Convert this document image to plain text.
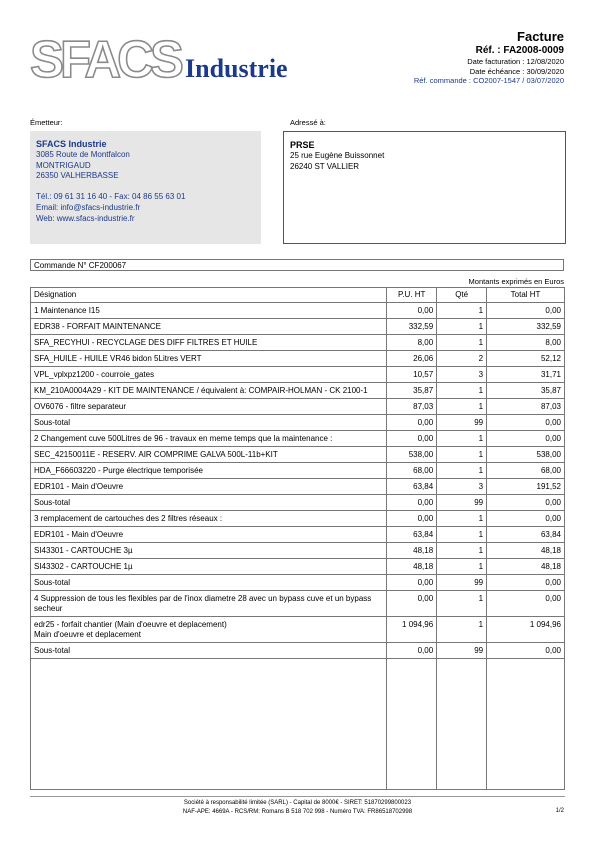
SFACS Industrie
Facture
Réf. : FA2008-0009
Date facturation : 12/08/2020
Date échéance : 30/09/2020
Réf. commande : CO2007-1547 / 03/07/2020
Émetteur:	Adressé à:
SFACS Industrie
3085 Route de Montfalcon
MONTRIGAUD
26350 VALHERBASSE
Tél.: 09 61 31 16 40 - Fax: 04 86 55 63 01
Email: info@sfacs-industrie.fr
Web: www.sfacs-industrie.fr
PRSE
25 rue Eugène Buissonnet
26240 ST VALLIER
Commande N° CF200067
Montants exprimés en Euros
Désignation	P.U. HT	Qté	Total HT
1 Maintenance I15	0,00	1	0,00
EDR38 - FORFAIT MAINTENANCE	332,59	1	332,59
SFA_RECYHUI - RECYCLAGE DES DIFF FILTRES ET HUILE	8,00	1	8,00
SFA_HUILE - HUILE VR46 bidon 5Litres VERT	26,06	2	52,12
VPL_vplxpz1200 - courroie_gates	10,57	3	31,71
KM_210A0004A29 - KIT DE MAINTENANCE / équivalent à: COMPAIR-HOLMAN - CK 2100-1	35,87	1	35,87
OV6076 - filtre separateur	87,03	1	87,03
Sous-total	0,00	99	0,00
2 Changement cuve 500Litres de 96 - travaux en meme temps que la maintenance :	0,00	1	0,00
SEC_42150011E - RESERV. AIR COMPRIME GALVA 500L-11b+KIT	538,00	1	538,00
HDA_F66603220 - Purge électrique temporisée	68,00	1	68,00
EDR101 - Main d'Oeuvre	63,84	3	191,52
Sous-total	0,00	99	0,00
3 remplacement de cartouches des 2 filtres réseaux :	0,00	1	0,00
EDR101 - Main d'Oeuvre	63,84	1	63,84
SI43301 - CARTOUCHE 3µ	48,18	1	48,18
SI43302 - CARTOUCHE 1µ	48,18	1	48,18
Sous-total	0,00	99	0,00
4 Suppression de tous les flexibles par de l'inox diametre 28 avec un bypass cuve et un bypass secheur	0,00	1	0,00
edr25 - forfait chantier (Main d'oeuvre et deplacement)
Main d'oeuvre et deplacement	1 094,96	1	1 094,96
Sous-total	0,00	99	0,00

Société à responsabilité limitée (SARL) - Capital de 8000€ - SIRET: 51870299800023
NAF-APE: 4669A - RCS/RM: Romans B 518 702 998 - Numéro TVA: FR86518702998	1/2
